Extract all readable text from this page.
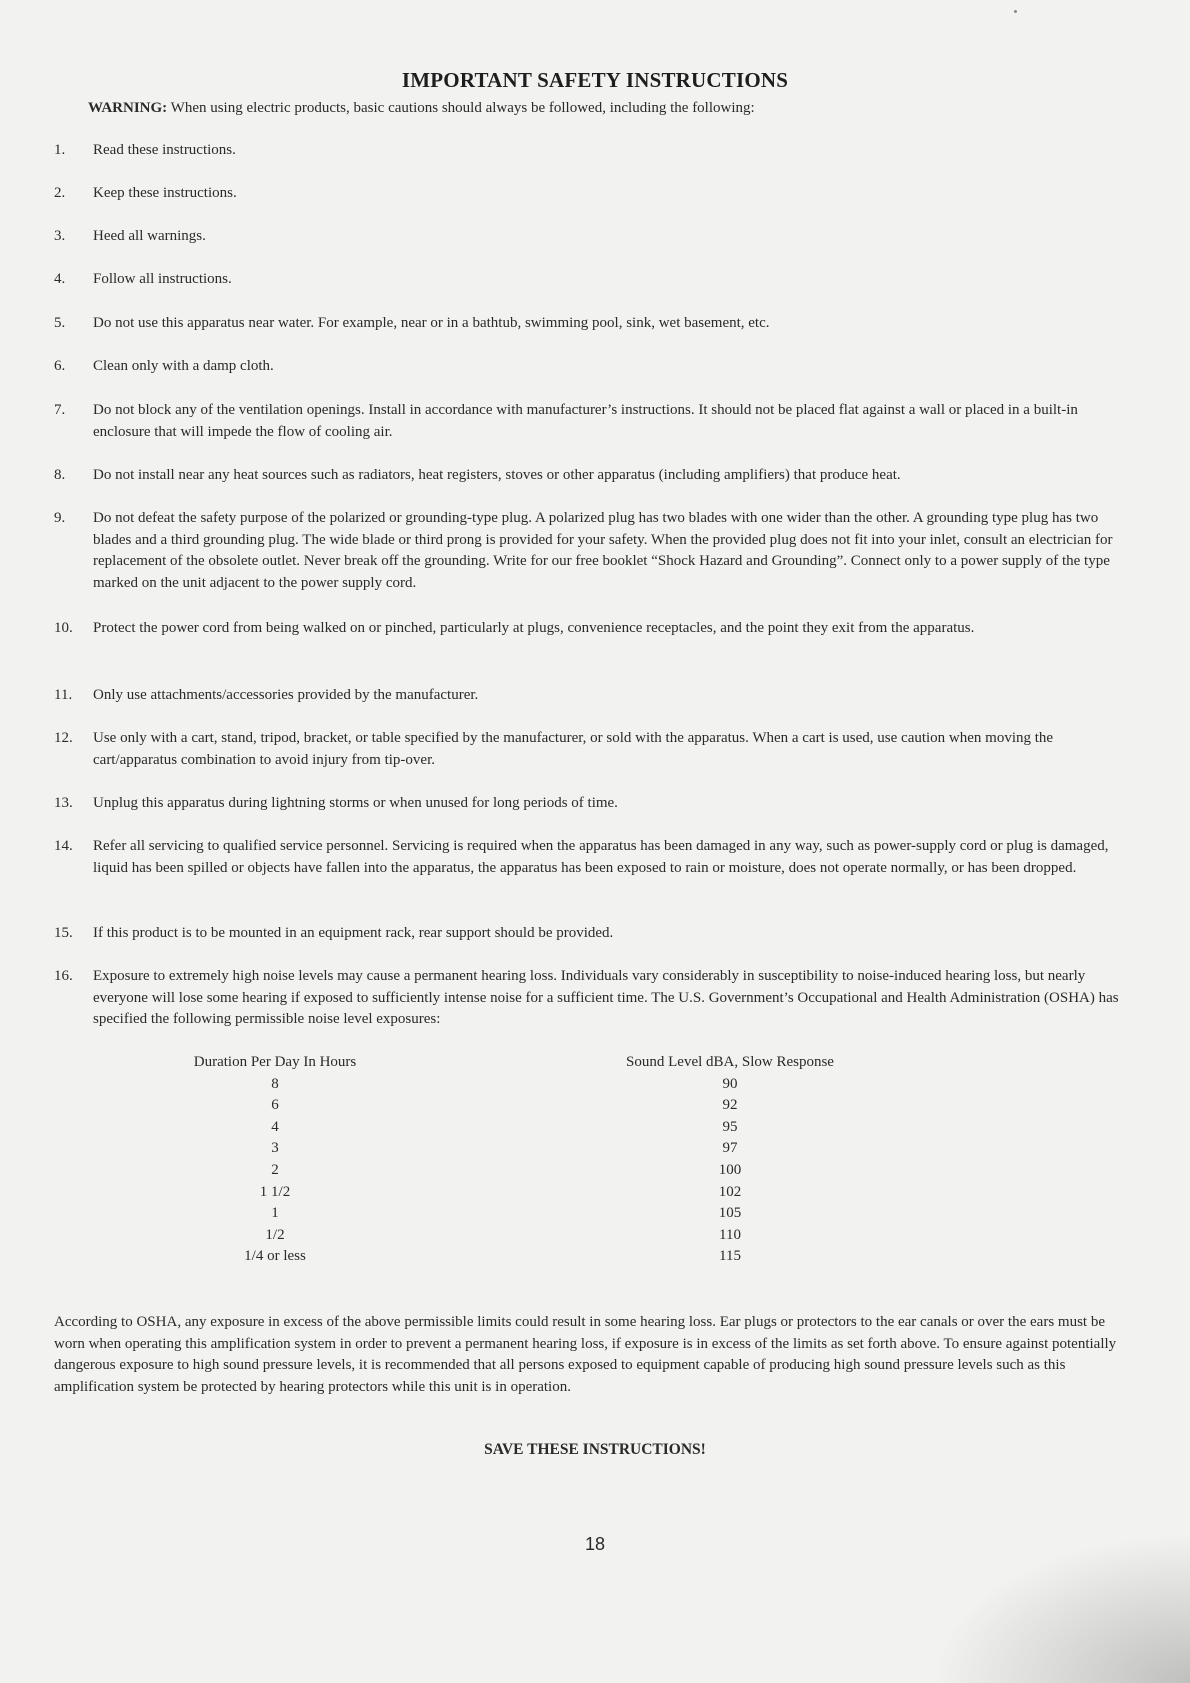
IMPORTANT SAFETY INSTRUCTIONS
WARNING: When using electric products, basic cautions should always be followed, including the following:
1. Read these instructions.
2. Keep these instructions.
3. Heed all warnings.
4. Follow all instructions.
5. Do not use this apparatus near water. For example, near or in a bathtub, swimming pool, sink, wet basement, etc.
6. Clean only with a damp cloth.
7. Do not block any of the ventilation openings. Install in accordance with manufacturer’s instructions. It should not be placed flat against a wall or placed in a built-in enclosure that will impede the flow of cooling air.
8. Do not install near any heat sources such as radiators, heat registers, stoves or other apparatus (including amplifiers) that produce heat.
9. Do not defeat the safety purpose of the polarized or grounding-type plug. A polarized plug has two blades with one wider than the other. A grounding type plug has two blades and a third grounding plug. The wide blade or third prong is provided for your safety. When the provided plug does not fit into your inlet, consult an electrician for replacement of the obsolete outlet. Never break off the grounding. Write for our free booklet “Shock Hazard and Grounding”. Connect only to a power supply of the type marked on the unit adjacent to the power supply cord.
10. Protect the power cord from being walked on or pinched, particularly at plugs, convenience receptacles, and the point they exit from the apparatus.
11. Only use attachments/accessories provided by the manufacturer.
12. Use only with a cart, stand, tripod, bracket, or table specified by the manufacturer, or sold with the apparatus. When a cart is used, use caution when moving the cart/apparatus combination to avoid injury from tip-over.
13. Unplug this apparatus during lightning storms or when unused for long periods of time.
14. Refer all servicing to qualified service personnel. Servicing is required when the apparatus has been damaged in any way, such as power-supply cord or plug is damaged, liquid has been spilled or objects have fallen into the apparatus, the apparatus has been exposed to rain or moisture, does not operate normally, or has been dropped.
15. If this product is to be mounted in an equipment rack, rear support should be provided.
16. Exposure to extremely high noise levels may cause a permanent hearing loss. Individuals vary considerably in susceptibility to noise-induced hearing loss, but nearly everyone will lose some hearing if exposed to sufficiently intense noise for a sufficient time. The U.S. Government’s Occupational and Health Administration (OSHA) has specified the following permissible noise level exposures:
Duration Per Day In Hours	Sound Level dBA, Slow Response
8	90
6	92
4	95
3	97
2	100
1 1/2	102
1	105
1/2	110
1/4 or less	115
According to OSHA, any exposure in excess of the above permissible limits could result in some hearing loss. Ear plugs or protectors to the ear canals or over the ears must be worn when operating this amplification system in order to prevent a permanent hearing loss, if exposure is in excess of the limits as set forth above. To ensure against potentially dangerous exposure to high sound pressure levels, it is recommended that all persons exposed to equipment capable of producing high sound pressure levels such as this amplification system be protected by hearing protectors while this unit is in operation.
SAVE THESE INSTRUCTIONS!
18
